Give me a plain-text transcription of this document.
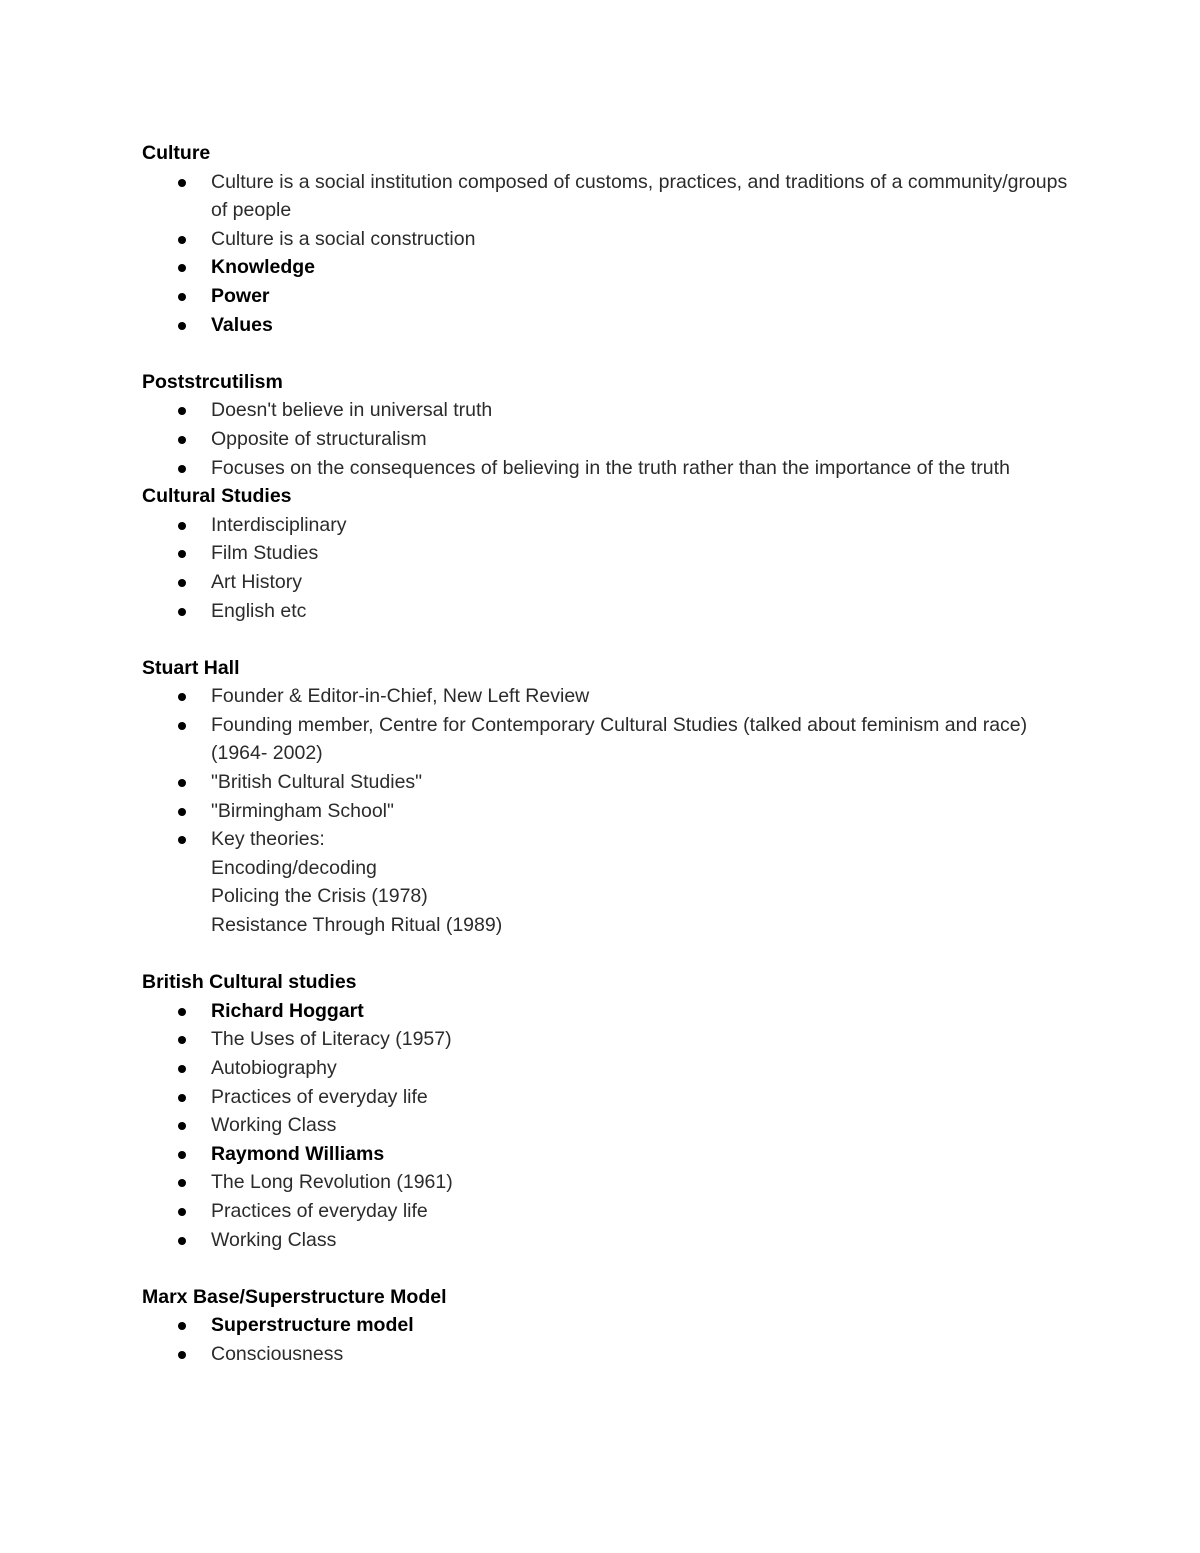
Culture
Culture is a social institution composed of customs, practices, and traditions of a community/groups of people
Culture is a social construction
Knowledge
Power
Values
Poststrcutilism
Doesn't believe in universal truth
Opposite of structuralism
Focuses on the consequences of believing in the truth rather than the importance of the truth
Cultural Studies
Interdisciplinary
Film Studies
Art History
English etc
Stuart Hall
Founder & Editor-in-Chief, New Left Review
Founding member, Centre for Contemporary Cultural Studies (talked about feminism and race) (1964- 2002)
"British Cultural Studies"
"Birmingham School"
Key theories:
Encoding/decoding
Policing the Crisis (1978)
Resistance Through Ritual (1989)
British Cultural studies
Richard Hoggart
The Uses of Literacy (1957)
Autobiography
Practices of everyday life
Working Class
Raymond Williams
The Long Revolution (1961)
Practices of everyday life
Working Class
Marx Base/Superstructure Model
Superstructure model
Consciousness
